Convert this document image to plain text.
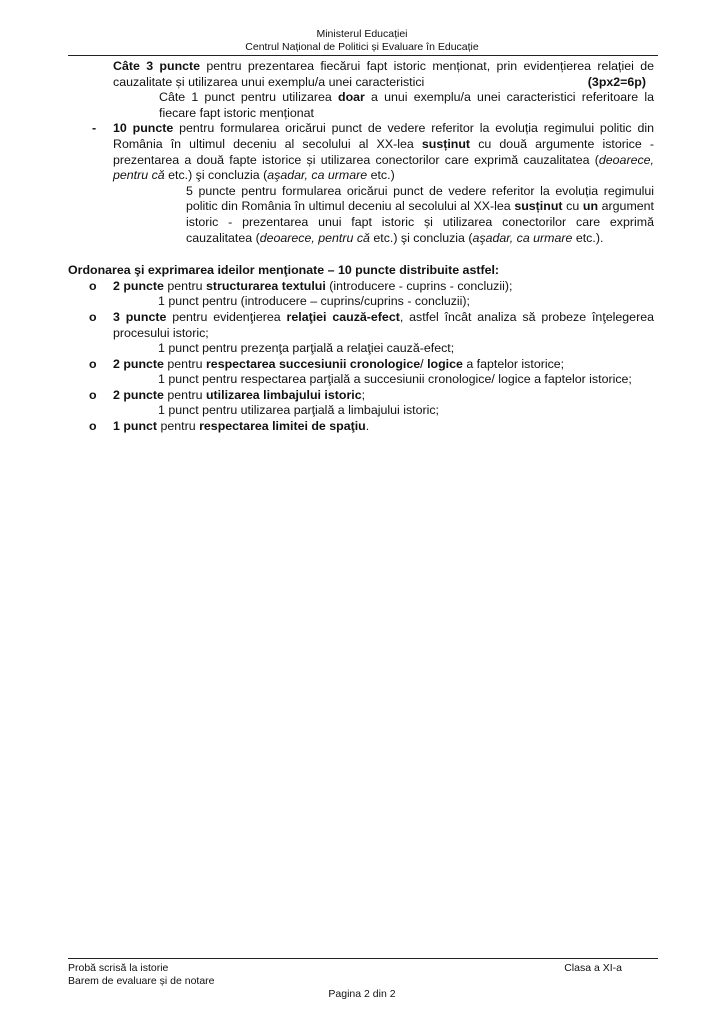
Ministerul Educației
Centrul Național de Politici și Evaluare în Educație

Câte 3 puncte pentru prezentarea fiecărui fapt istoric menționat, prin evidențierea relației de cauzalitate și utilizarea unui exemplu/a unei caracteristici	(3px2=6p)

Câte 1 punct pentru utilizarea doar a unui exemplu/a unei caracteristici referitoare la fiecare fapt istoric menționat

- 10 puncte pentru formularea oricărui punct de vedere referitor la evoluția regimului politic din România în ultimul deceniu al secolului al XX-lea susținut cu două argumente istorice - prezentarea a două fapte istorice și utilizarea conectorilor care exprimă cauzalitatea (deoarece, pentru că etc.) şi concluzia (aşadar, ca urmare etc.)

5 puncte pentru formularea oricărui punct de vedere referitor la evoluția regimului politic din România în ultimul deceniu al secolului al XX-lea susținut cu un argument istoric - prezentarea unui fapt istoric și utilizarea conectorilor care exprimă cauzalitatea (deoarece, pentru că etc.) şi concluzia (aşadar, ca urmare etc.).

Ordonarea şi exprimarea ideilor menţionate – 10 puncte distribuite astfel:

o 2 puncte pentru structurarea textului (introducere - cuprins - concluzii);

1 punct pentru (introducere – cuprins/cuprins - concluzii);

o 3 puncte pentru evidenţierea relaţiei cauză-efect, astfel încât analiza să probeze înţelegerea procesului istoric;

1 punct pentru prezenţa parţială a relaţiei cauză-efect;

o 2 puncte pentru respectarea succesiunii cronologice/ logice a faptelor istorice;

1 punct pentru respectarea parţială a succesiunii cronologice/ logice a faptelor istorice;

o 2 puncte pentru utilizarea limbajului istoric;

1 punct pentru utilizarea parţială a limbajului istoric;

o 1 punct pentru respectarea limitei de spaţiu.
Probă scrisă la istorie
Barem de evaluare și de notare
Clasa a XI-a
Pagina 2 din 2
